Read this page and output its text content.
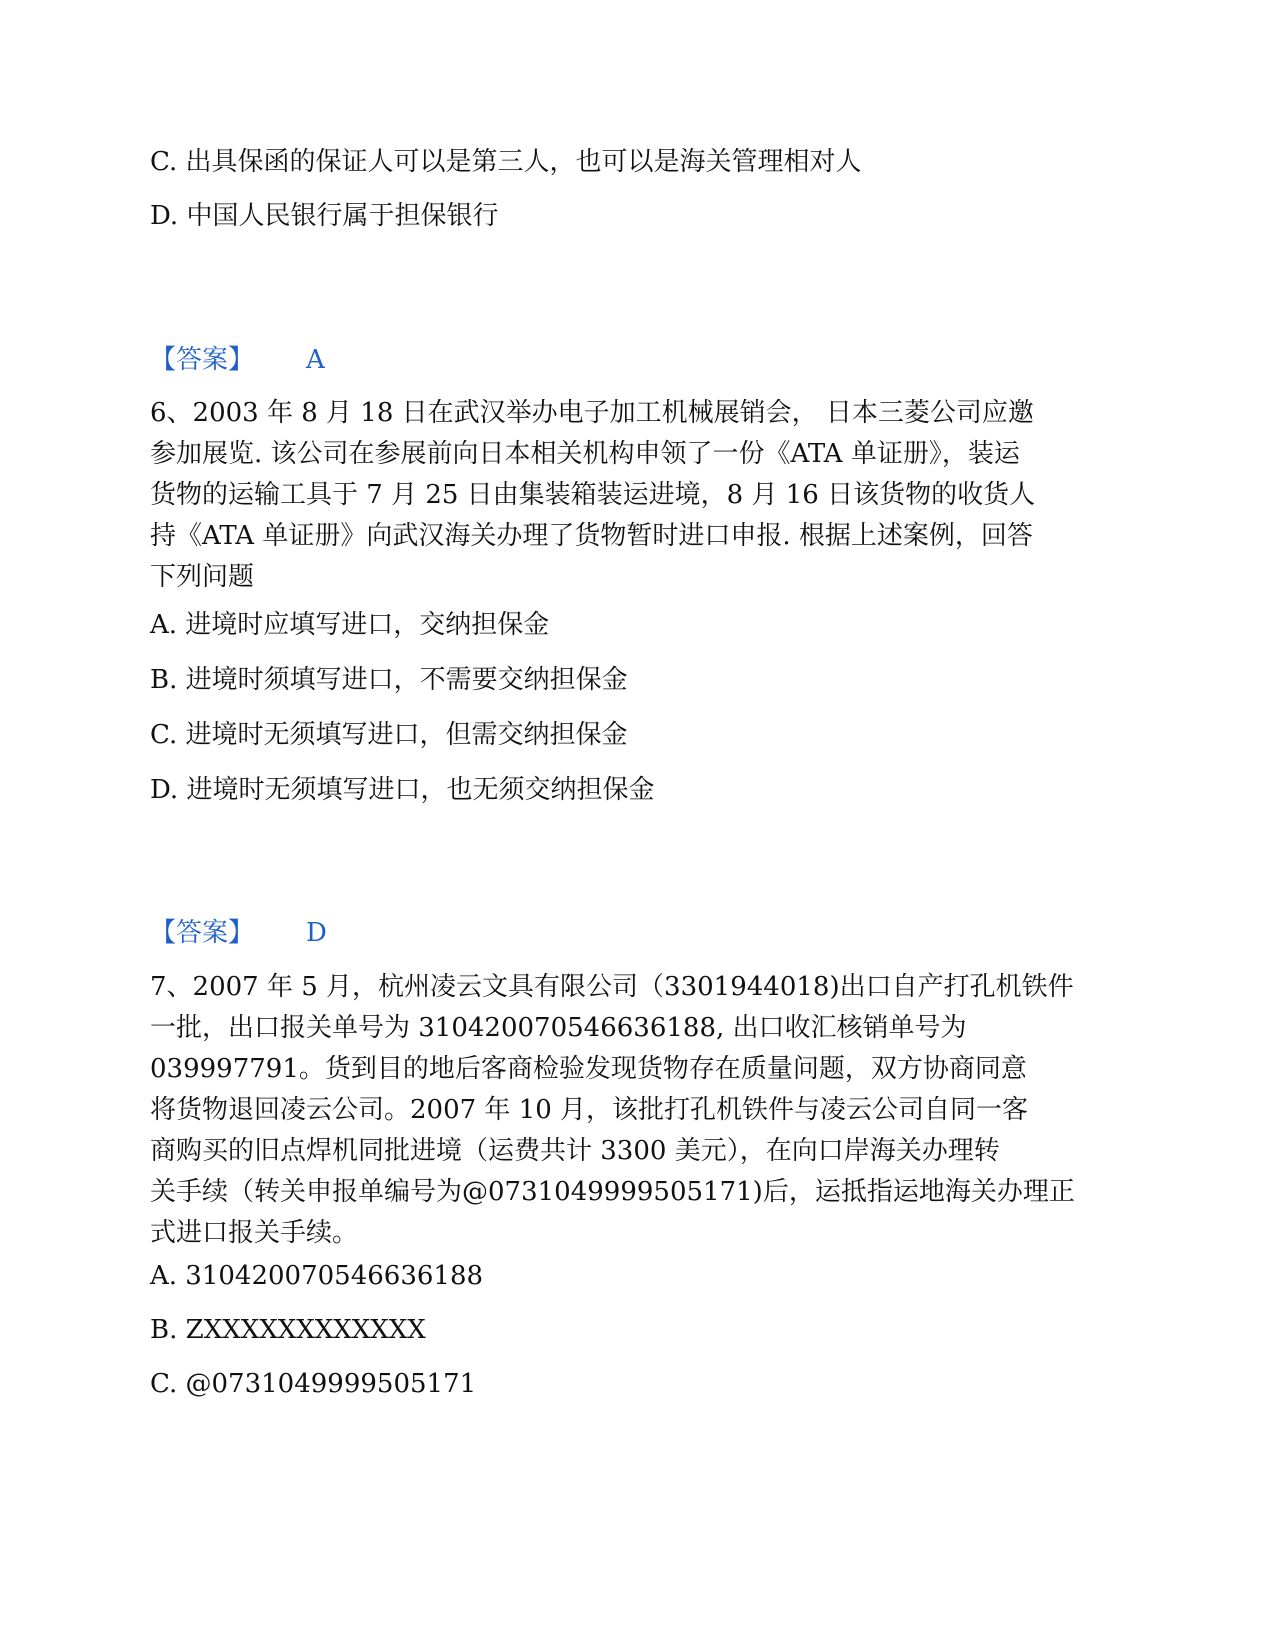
C. 出具保函的保证人可以是第三人，也可以是海关管理相对人
D. 中国人民银行属于担保银行
【答案】 A
6、2003 年 8 月 18 日在武汉举办电子加工机械展销会， 日本三菱公司应邀
参加展览. 该公司在参展前向日本相关机构申领了一份《ATA 单证册》，装运
货物的运输工具于 7 月 25 日由集装箱装运进境，8 月 16 日该货物的收货人
持《ATA 单证册》向武汉海关办理了货物暂时进口申报. 根据上述案例，回答
下列问题
A. 进境时应填写进口，交纳担保金
B. 进境时须填写进口，不需要交纳担保金
C. 进境时无须填写进口，但需交纳担保金
D. 进境时无须填写进口，也无须交纳担保金
【答案】 D
7、2007 年 5 月，杭州凌云文具有限公司（3301944018)出口自产打孔机铁件
一批，出口报关单号为 310420070546636188, 出口收汇核销单号为
039997791。货到目的地后客商检验发现货物存在质量问题，双方协商同意
将货物退回凌云公司。2007 年 10 月，该批打孔机铁件与凌云公司自同一客
商购买的旧点焊机同批进境（运费共计 3300 美元），在向口岸海关办理转
关手续（转关申报单编号为@0731049999505171)后，运抵指运地海关办理正
式进口报关手续。
A. 310420070546636188
B. ZXXXXXXXXXXXX
C. @0731049999505171
